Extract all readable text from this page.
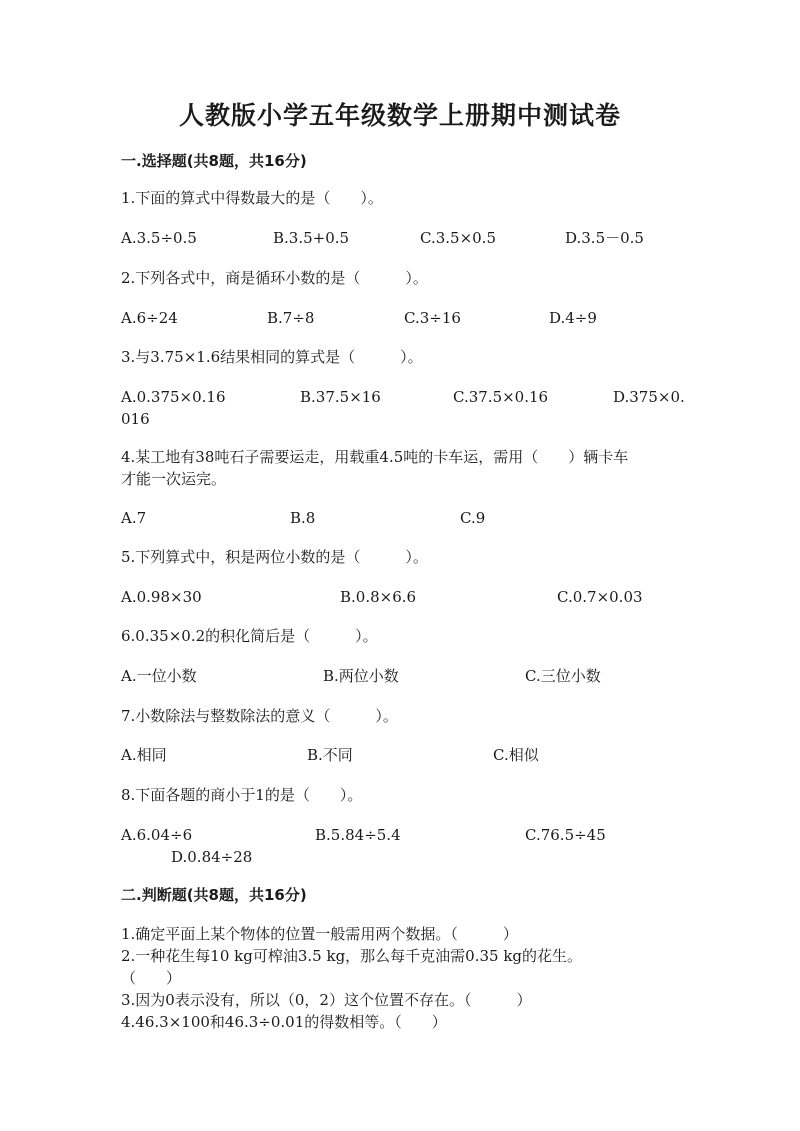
人教版小学五年级数学上册期中测试卷
一.选择题(共8题，共16分)
1.下面的算式中得数最大的是（　　）。
A.3.5÷0.5	B.3.5+0.5	C.3.5×0.5	D.3.5－0.5
2.下列各式中，商是循环小数的是（　　　）。
A.6÷24	B.7÷8	C.3÷16	D.4÷9
3.与3.75×1.6结果相同的算式是（　　　）。
A.0.375×0.16	B.37.5×16	C.37.5×0.16	D.375×0.
016
4.某工地有38吨石子需要运走，用载重4.5吨的卡车运，需用（　　）辆卡车
才能一次运完。
A.7	B.8	C.9
5.下列算式中，积是两位小数的是（　　　）。
A.0.98×30	B.0.8×6.6	C.0.7×0.03
6.0.35×0.2的积化简后是（　　　）。
A.一位小数	B.两位小数	C.三位小数
7.小数除法与整数除法的意义（　　　）。
A.相同	B.不同	C.相似
8.下面各题的商小于1的是（　　）。
A.6.04÷6	B.5.84÷5.4	C.76.5÷45
D.0.84÷28
二.判断题(共8题，共16分)
1.确定平面上某个物体的位置一般需用两个数据。（　　　）
2.一种花生每10 kg可榨油3.5 kg，那么每千克油需0.35 kg的花生。
（　　）
3.因为0表示没有，所以（0，2）这个位置不存在。（　　　）
4.46.3×100和46.3÷0.01的得数相等。（　　）
